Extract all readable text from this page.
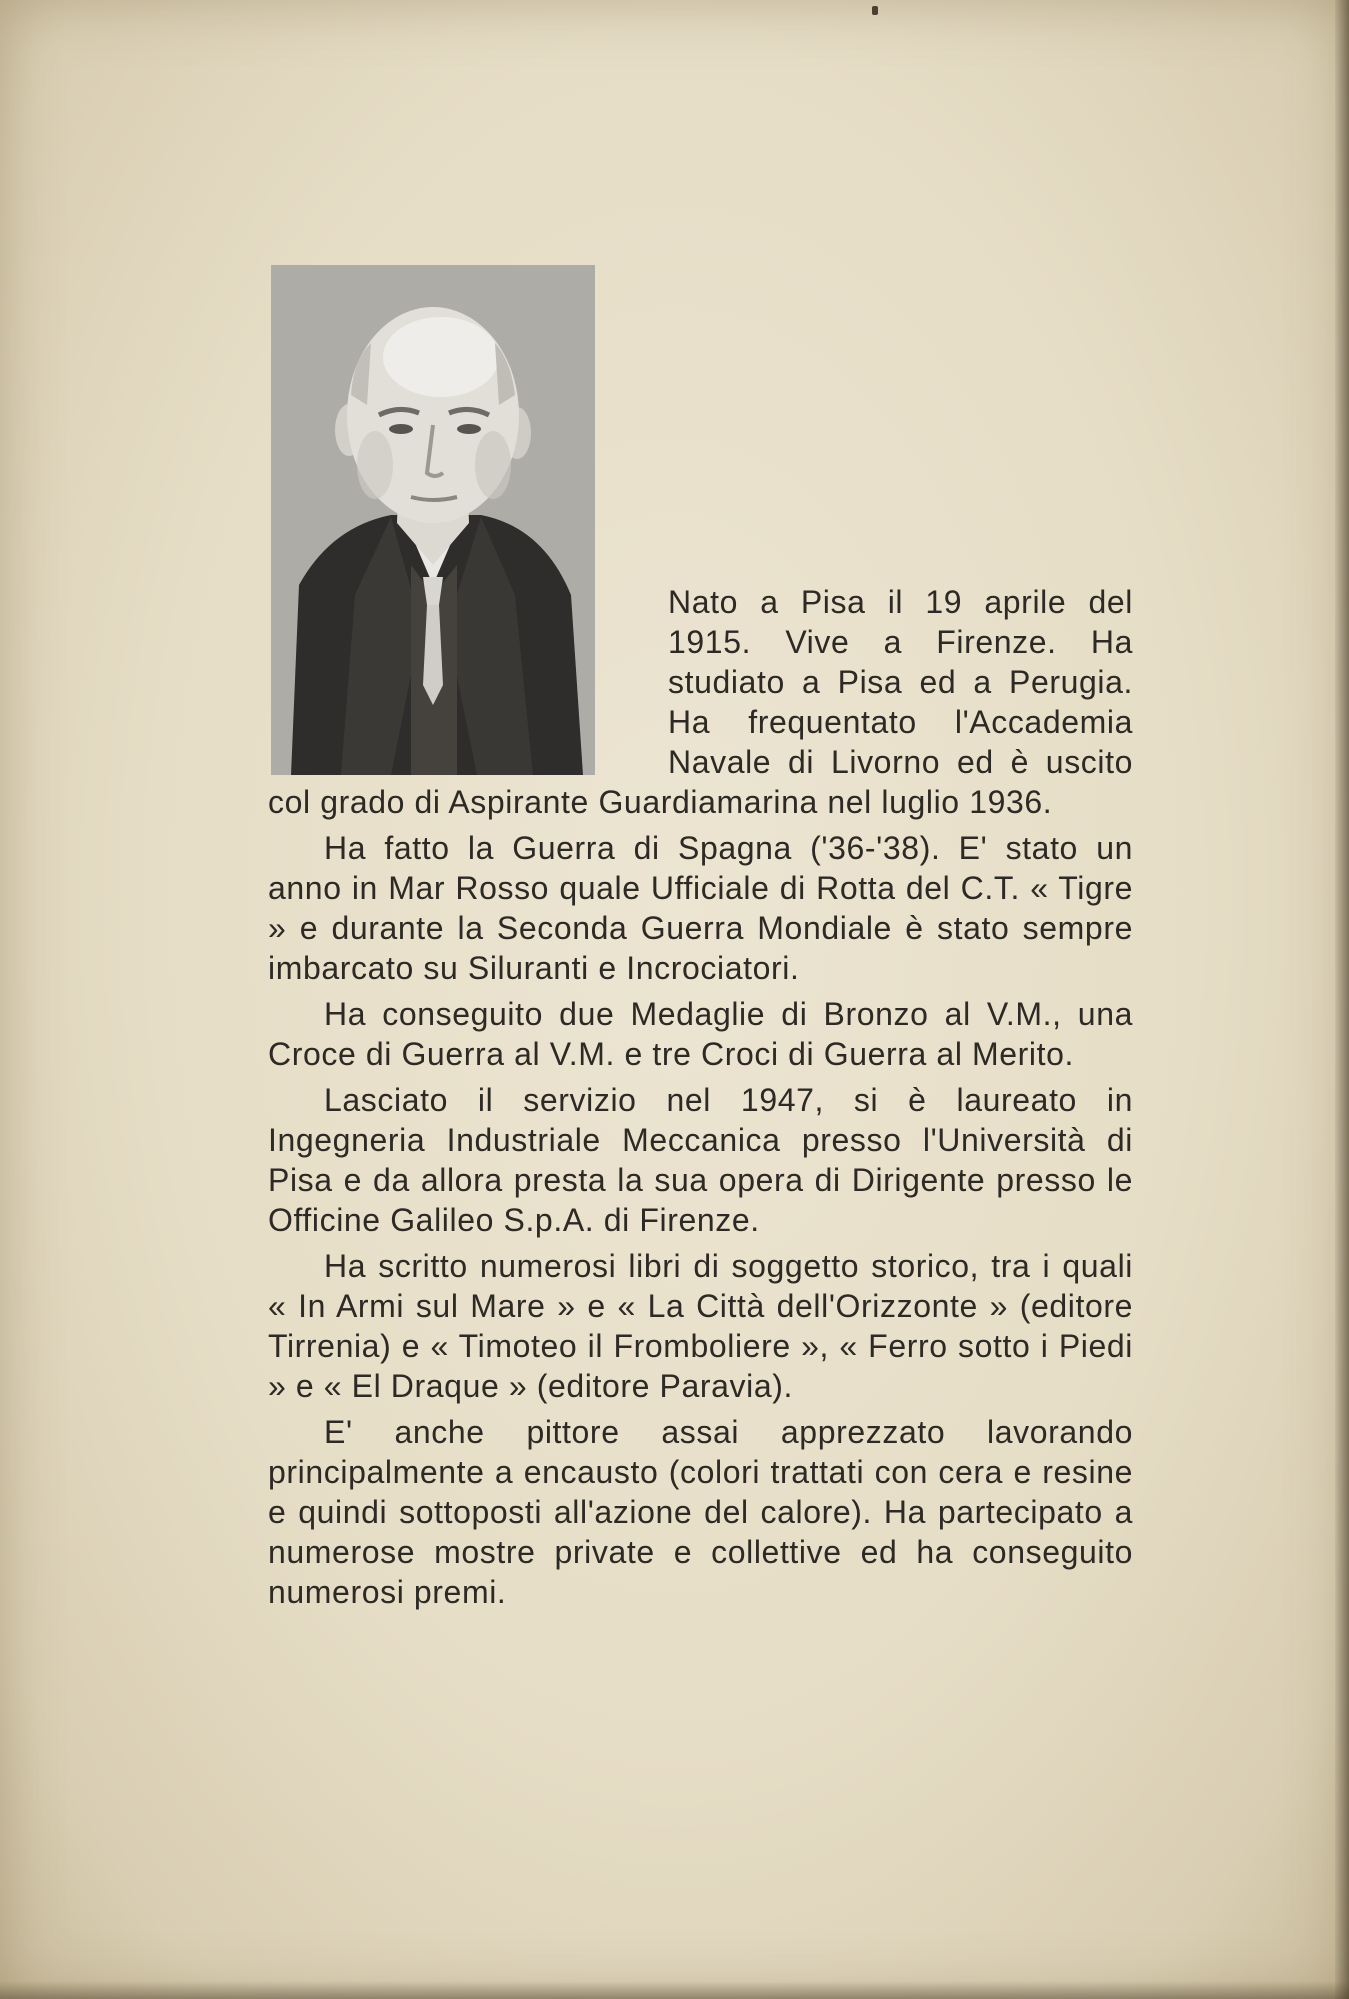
Nato a Pisa il 19 aprile del 1915. Vive a Firenze. Ha studiato a Pisa ed a Perugia. Ha frequentato l'Accademia Navale di Livorno ed è uscito col grado di Aspirante Guardiamarina nel luglio 1936.

Ha fatto la Guerra di Spagna ('36-'38). E' stato un anno in Mar Rosso quale Ufficiale di Rotta del C.T. « Tigre » e durante la Seconda Guerra Mondiale è stato sempre imbarcato su Siluranti e Incrociatori.

Ha conseguito due Medaglie di Bronzo al V.M., una Croce di Guerra al V.M. e tre Croci di Guerra al Merito.

Lasciato il servizio nel 1947, si è laureato in Ingegneria Industriale Meccanica presso l'Università di Pisa e da allora presta la sua opera di Dirigente presso le Officine Galileo S.p.A. di Firenze.

Ha scritto numerosi libri di soggetto storico, tra i quali « In Armi sul Mare » e « La Città dell'Orizzonte » (editore Tirrenia) e « Timoteo il Fromboliere », « Ferro sotto i Piedi » e « El Draque » (editore Paravia).

E' anche pittore assai apprezzato lavorando principalmente a encausto (colori trattati con cera e resine e quindi sottoposti all'azione del calore). Ha partecipato a numerose mostre private e collettive ed ha conseguito numerosi premi.
